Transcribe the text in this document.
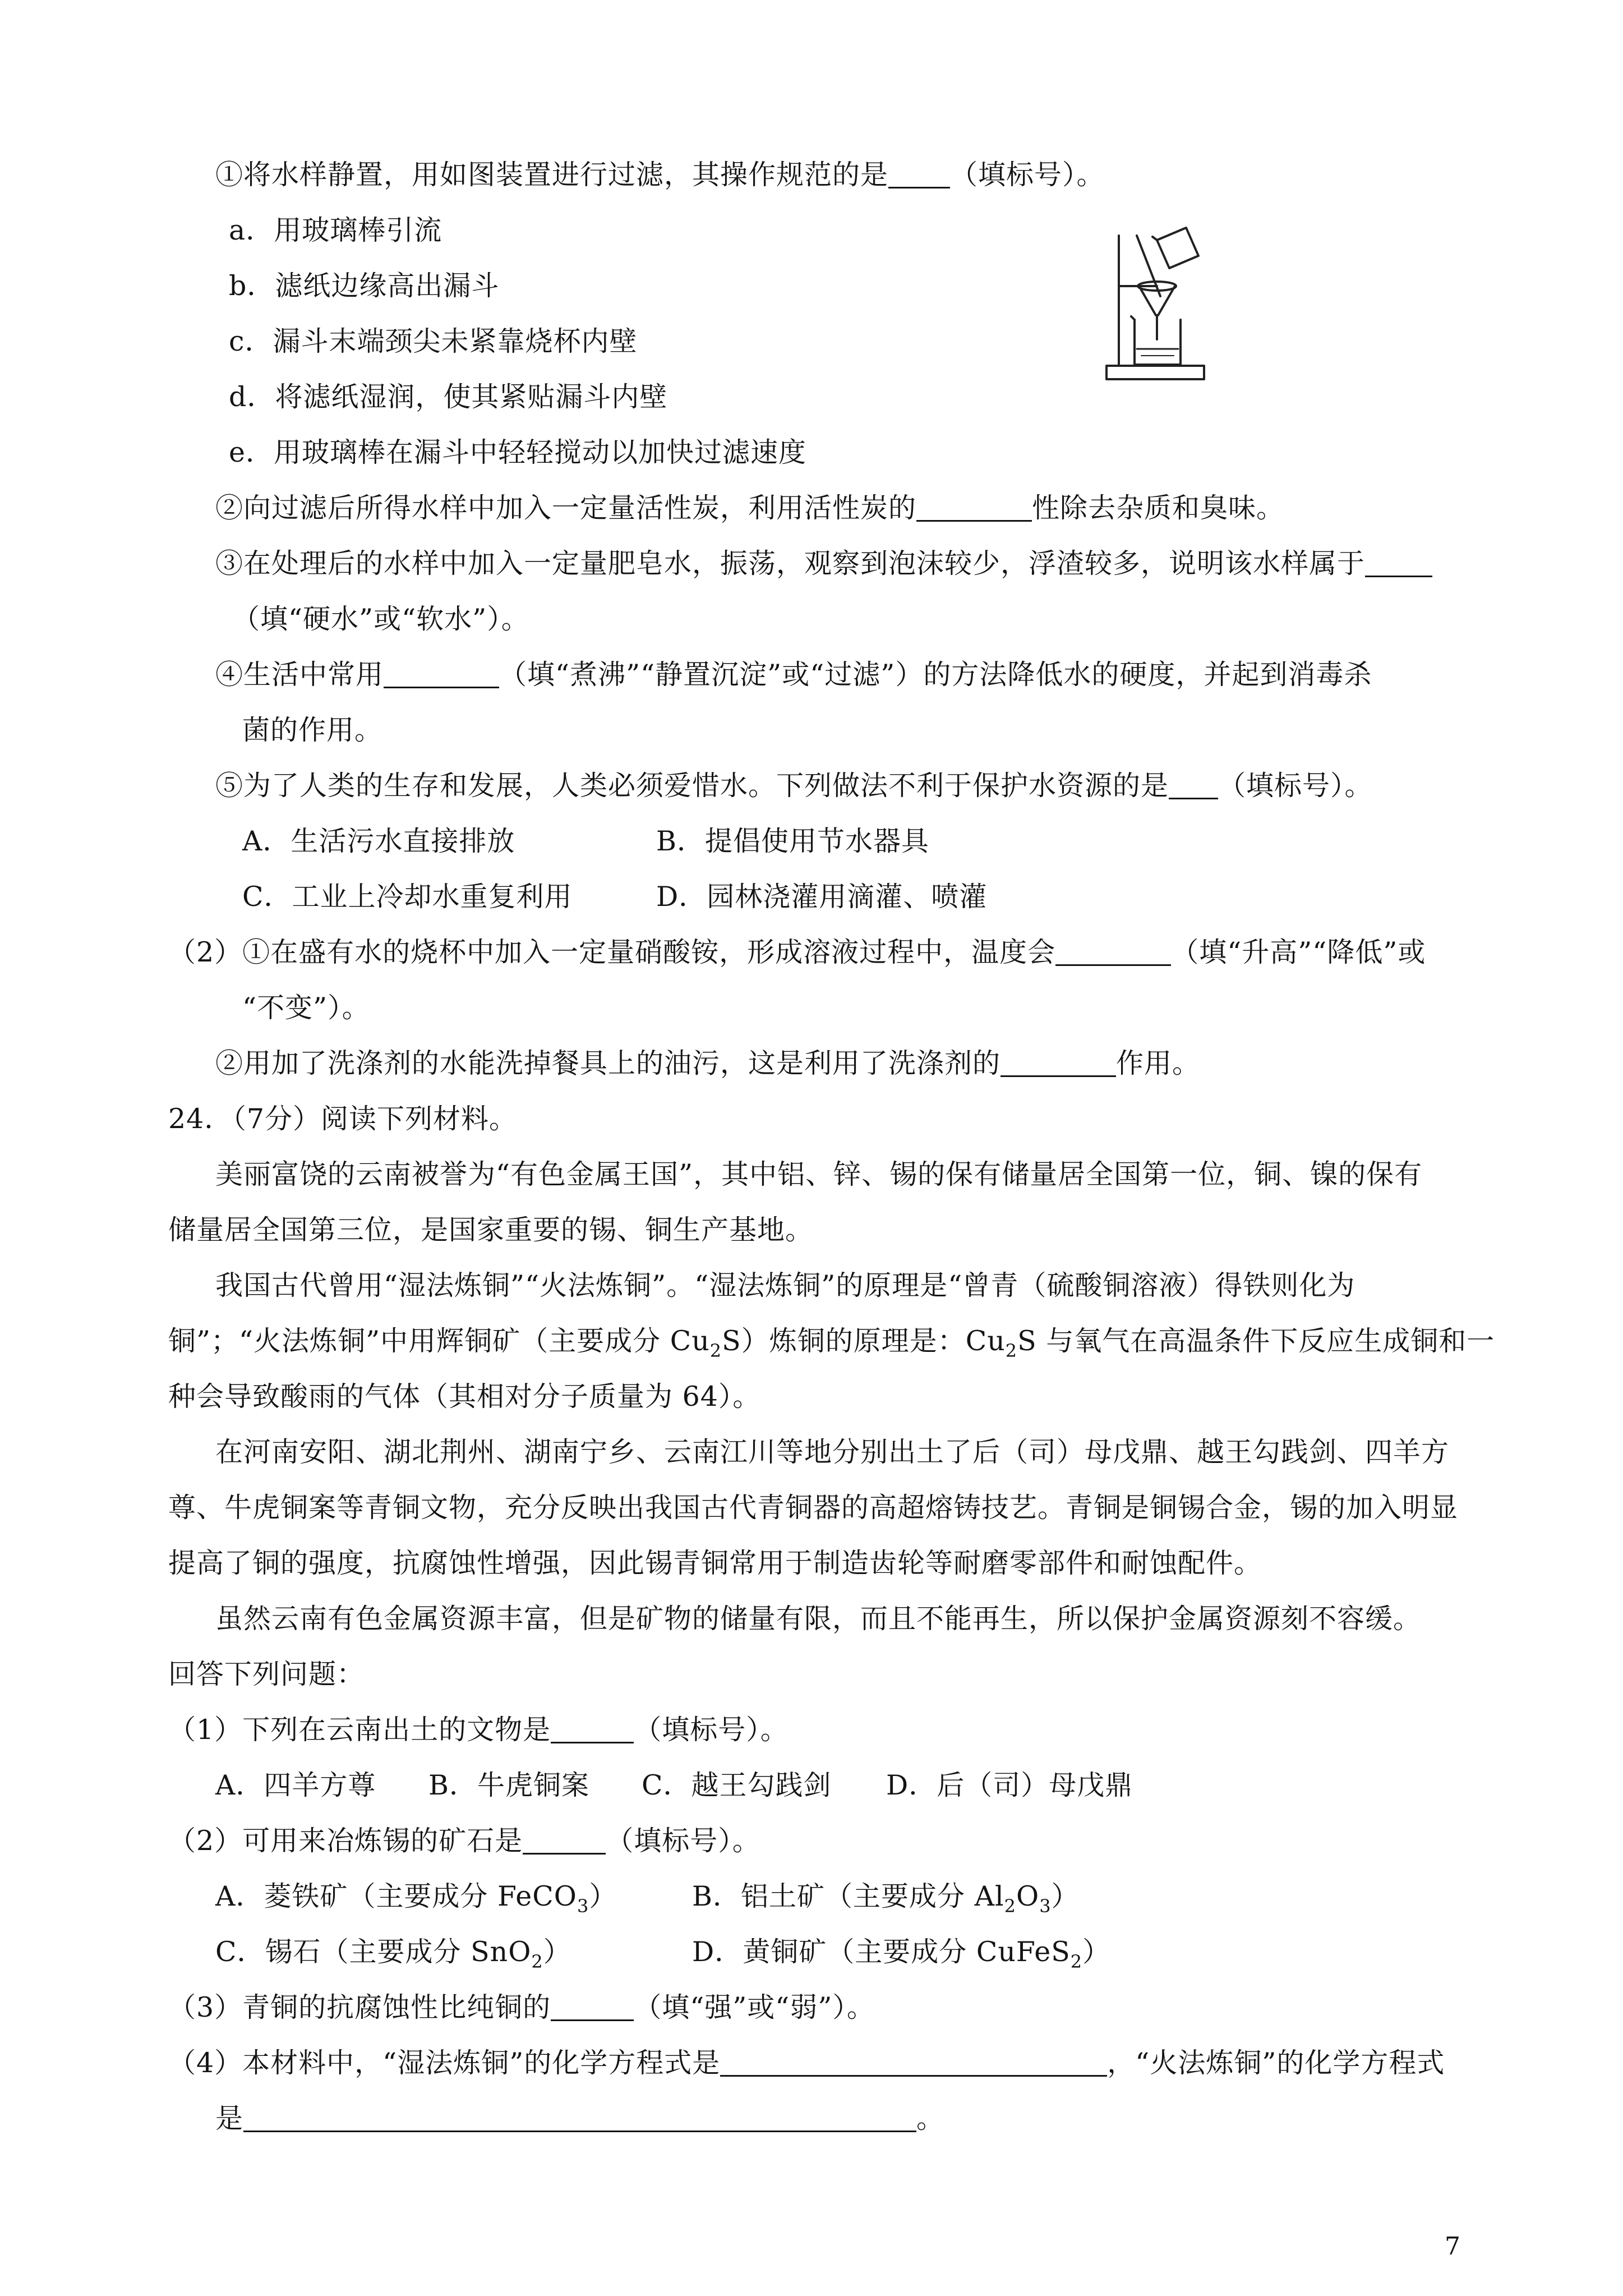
①将水样静置，用如图装置进行过滤，其操作规范的是 （填标号）。
a．用玻璃棒引流
b．滤纸边缘高出漏斗
c．漏斗末端颈尖未紧靠烧杯内壁
d．将滤纸湿润，使其紧贴漏斗内壁
e．用玻璃棒在漏斗中轻轻搅动以加快过滤速度
②向过滤后所得水样中加入一定量活性炭，利用活性炭的	性除去杂质和臭味。
③在处理后的水样中加入一定量肥皂水，振荡，观察到泡沫较少，浮渣较多，说明该水样属于
（填“硬水”或“软水”）。
④生活中常用	（填“煮沸”“静置沉淀”或“过滤”）的方法降低水的硬度，并起到消毒杀
菌的作用。
⑤为了人类的生存和发展，人类必须爱惜水。下列做法不利于保护水资源的是 （填标号）。
A．生活污水直接排放	B．提倡使用节水器具
C．工业上冷却水重复利用	D．园林浇灌用滴灌、喷灌
（2）①在盛有水的烧杯中加入一定量硝酸铵，形成溶液过程中，温度会	（填“升高”“降低”或
“不变”）。
②用加了洗涤剂的水能洗掉餐具上的油污，这是利用了洗涤剂的	作用。
24．（7分）阅读下列材料。
美丽富饶的云南被誉为“有色金属王国”，其中铝、锌、锡的保有储量居全国第一位，铜、镍的保有
储量居全国第三位，是国家重要的锡、铜生产基地。
我国古代曾用“湿法炼铜”“火法炼铜”。“湿法炼铜”的原理是“曾青（硫酸铜溶液）得铁则化为
铜”；“火法炼铜”中用辉铜矿（主要成分 $Cu_2S$）炼铜的原理是：$Cu_2S$ 与氧气在高温条件下反应生成铜和一
种会导致酸雨的气体（其相对分子质量为 64）。
在河南安阳、湖北荆州、湖南宁乡、云南江川等地分别出土了后（司）母戊鼎、越王勾践剑、四羊方
尊、牛虎铜案等青铜文物，充分反映出我国古代青铜器的高超熔铸技艺。青铜是铜锡合金，锡的加入明显
提高了铜的强度，抗腐蚀性增强，因此锡青铜常用于制造齿轮等耐磨零部件和耐蚀配件。
虽然云南有色金属资源丰富，但是矿物的储量有限，而且不能再生，所以保护金属资源刻不容缓。
回答下列问题：
（1）下列在云南出土的文物是	（填标号）。
A．四羊方尊 B．牛虎铜案 C．越王勾践剑 D．后（司）母戊鼎
（2）可用来冶炼锡的矿石是	（填标号）。
A．菱铁矿（主要成分 FeCO$_3$）	B．铝土矿（主要成分 $Al_2O_3$）
C．锡石（主要成分 SnO$_2$）	D．黄铜矿（主要成分 CuFeS$_2$）
（3）青铜的抗腐蚀性比纯铜的	（填“强”或“弱”）。
（4）本材料中，“湿法炼铜”的化学方程式是	，“火法炼铜”的化学方程式
是	。
7
